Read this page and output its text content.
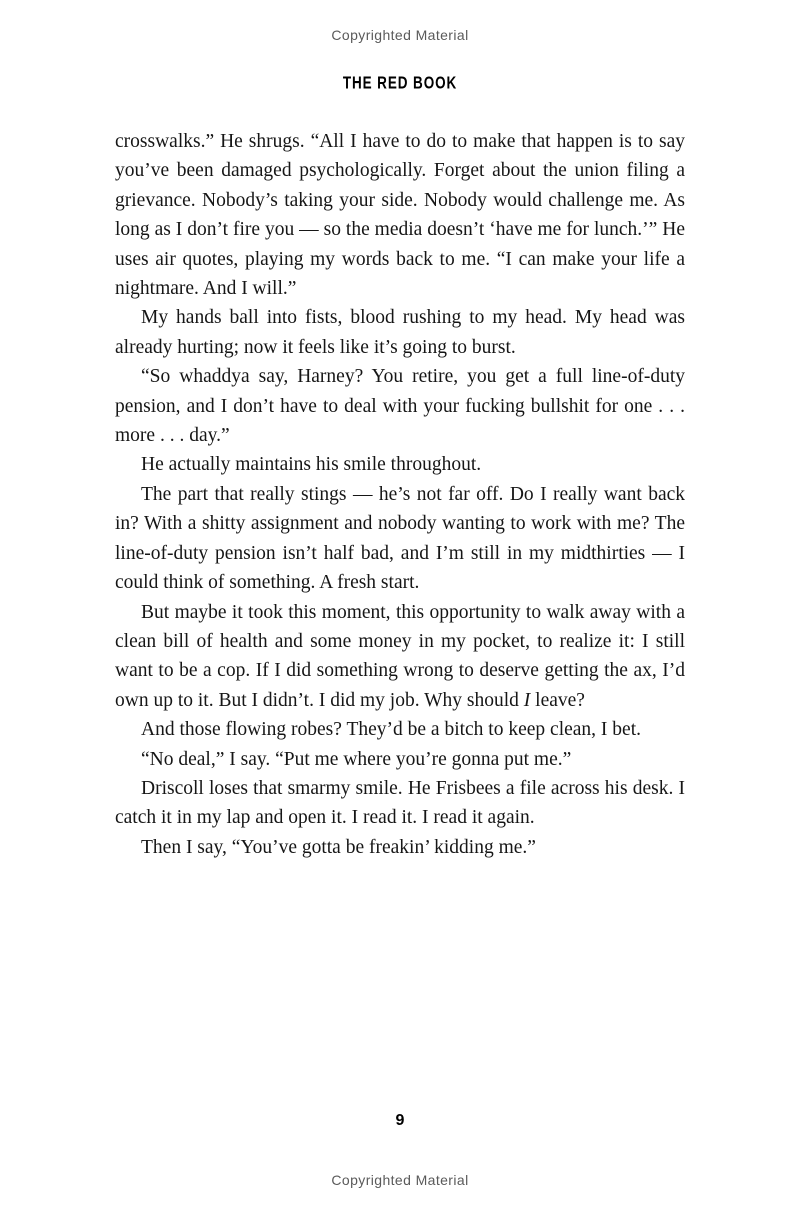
Copyrighted Material
THE RED BOOK

crosswalks.” He shrugs. “All I have to do to make that happen is to say you’ve been damaged psychologically. Forget about the union filing a grievance. Nobody’s taking your side. Nobody would challenge me. As long as I don’t fire you — so the media doesn’t ‘have me for lunch.’” He uses air quotes, playing my words back to me. “I can make your life a nightmare. And I will.”

My hands ball into fists, blood rushing to my head. My head was already hurting; now it feels like it’s going to burst.

“So whaddya say, Harney? You retire, you get a full line-of-duty pension, and I don’t have to deal with your fucking bullshit for one . . . more . . . day.”

He actually maintains his smile throughout.

The part that really stings — he’s not far off. Do I really want back in? With a shitty assignment and nobody wanting to work with me? The line-of-duty pension isn’t half bad, and I’m still in my midthirties — I could think of something. A fresh start.

But maybe it took this moment, this opportunity to walk away with a clean bill of health and some money in my pocket, to realize it: I still want to be a cop. If I did something wrong to deserve getting the ax, I’d own up to it. But I didn’t. I did my job. Why should I leave?

And those flowing robes? They’d be a bitch to keep clean, I bet.

“No deal,” I say. “Put me where you’re gonna put me.”

Driscoll loses that smarmy smile. He Frisbees a file across his desk. I catch it in my lap and open it. I read it. I read it again.

Then I say, “You’ve gotta be freakin’ kidding me.”

9
Copyrighted Material
